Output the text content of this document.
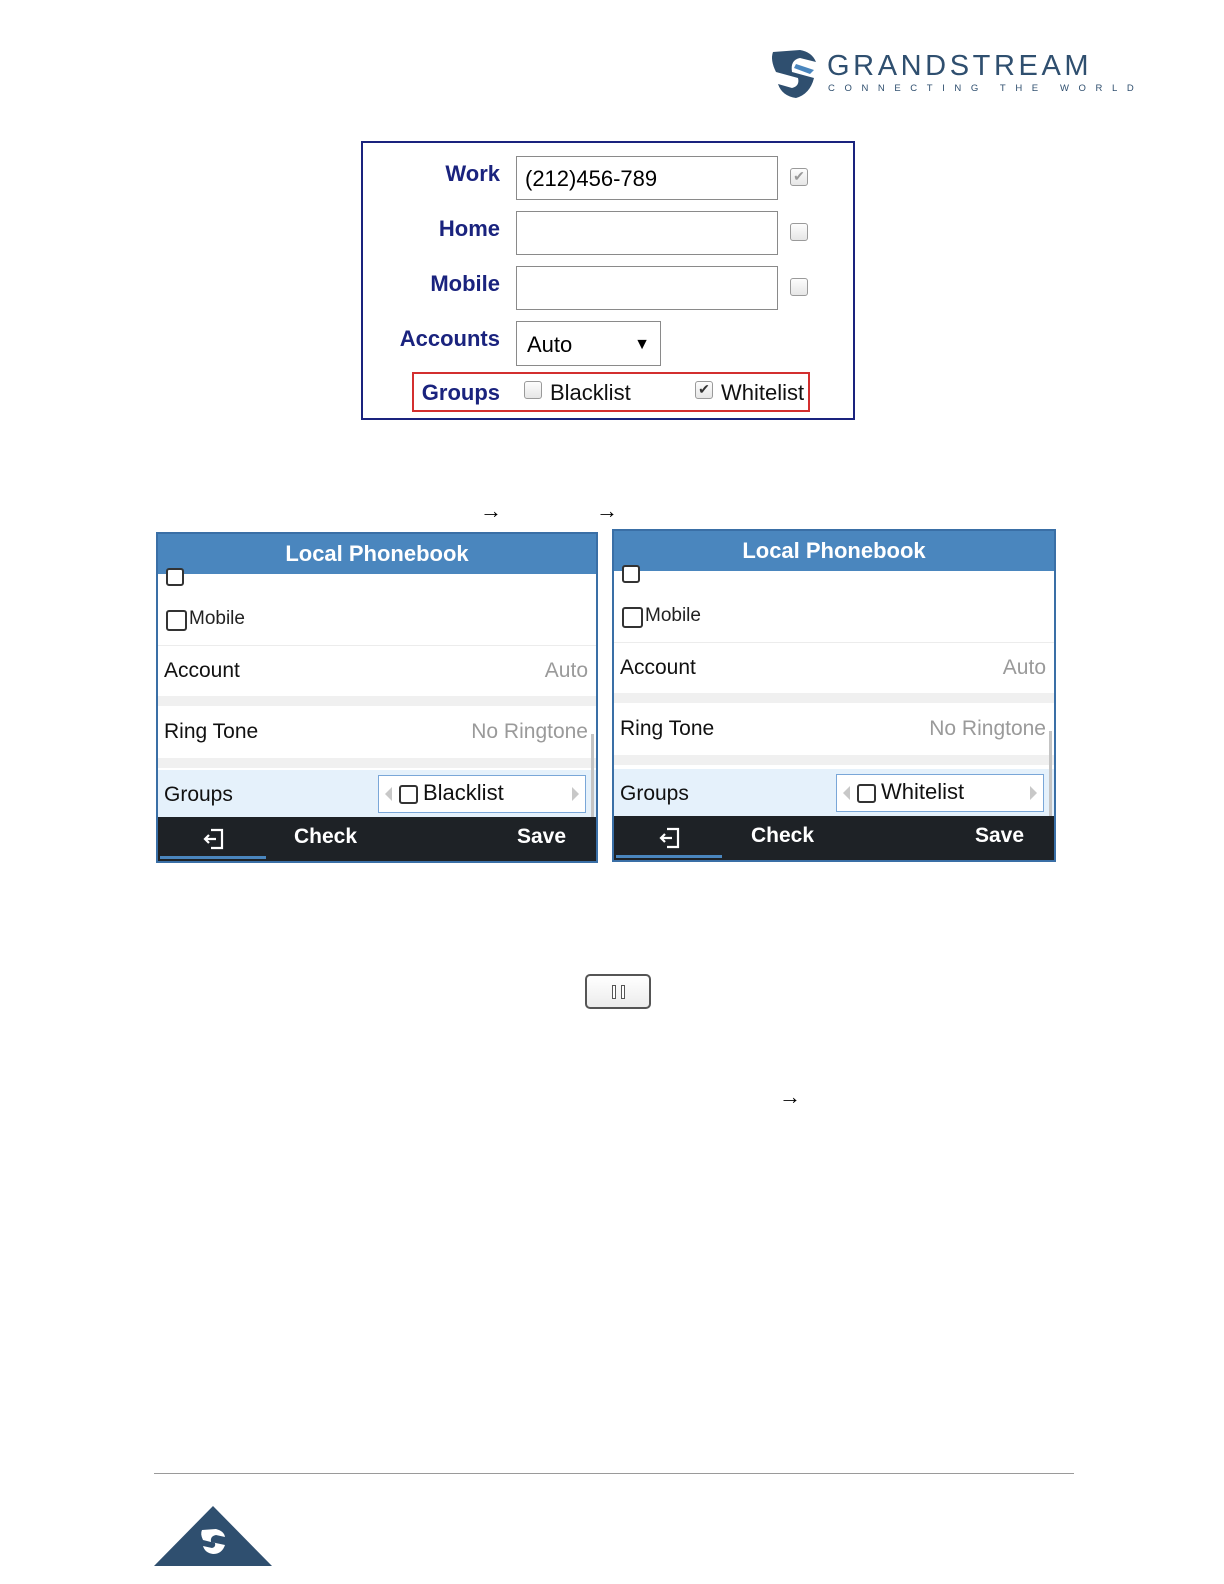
GRANDSTREAM
CONNECTING THE WORLD
Work	(212)456-789	✔
Home
Mobile
Accounts	Auto	▼
Groups Blacklist	✔ Whitelist
→	→
Local Phonebook
Mobile
Account	Auto
Ring Tone	No Ringtone
Groups	Blacklist
Check	Save
Local Phonebook
Mobile
Account	Auto
Ring Tone	No Ringtone
Groups	Whitelist
Check	Save
→
